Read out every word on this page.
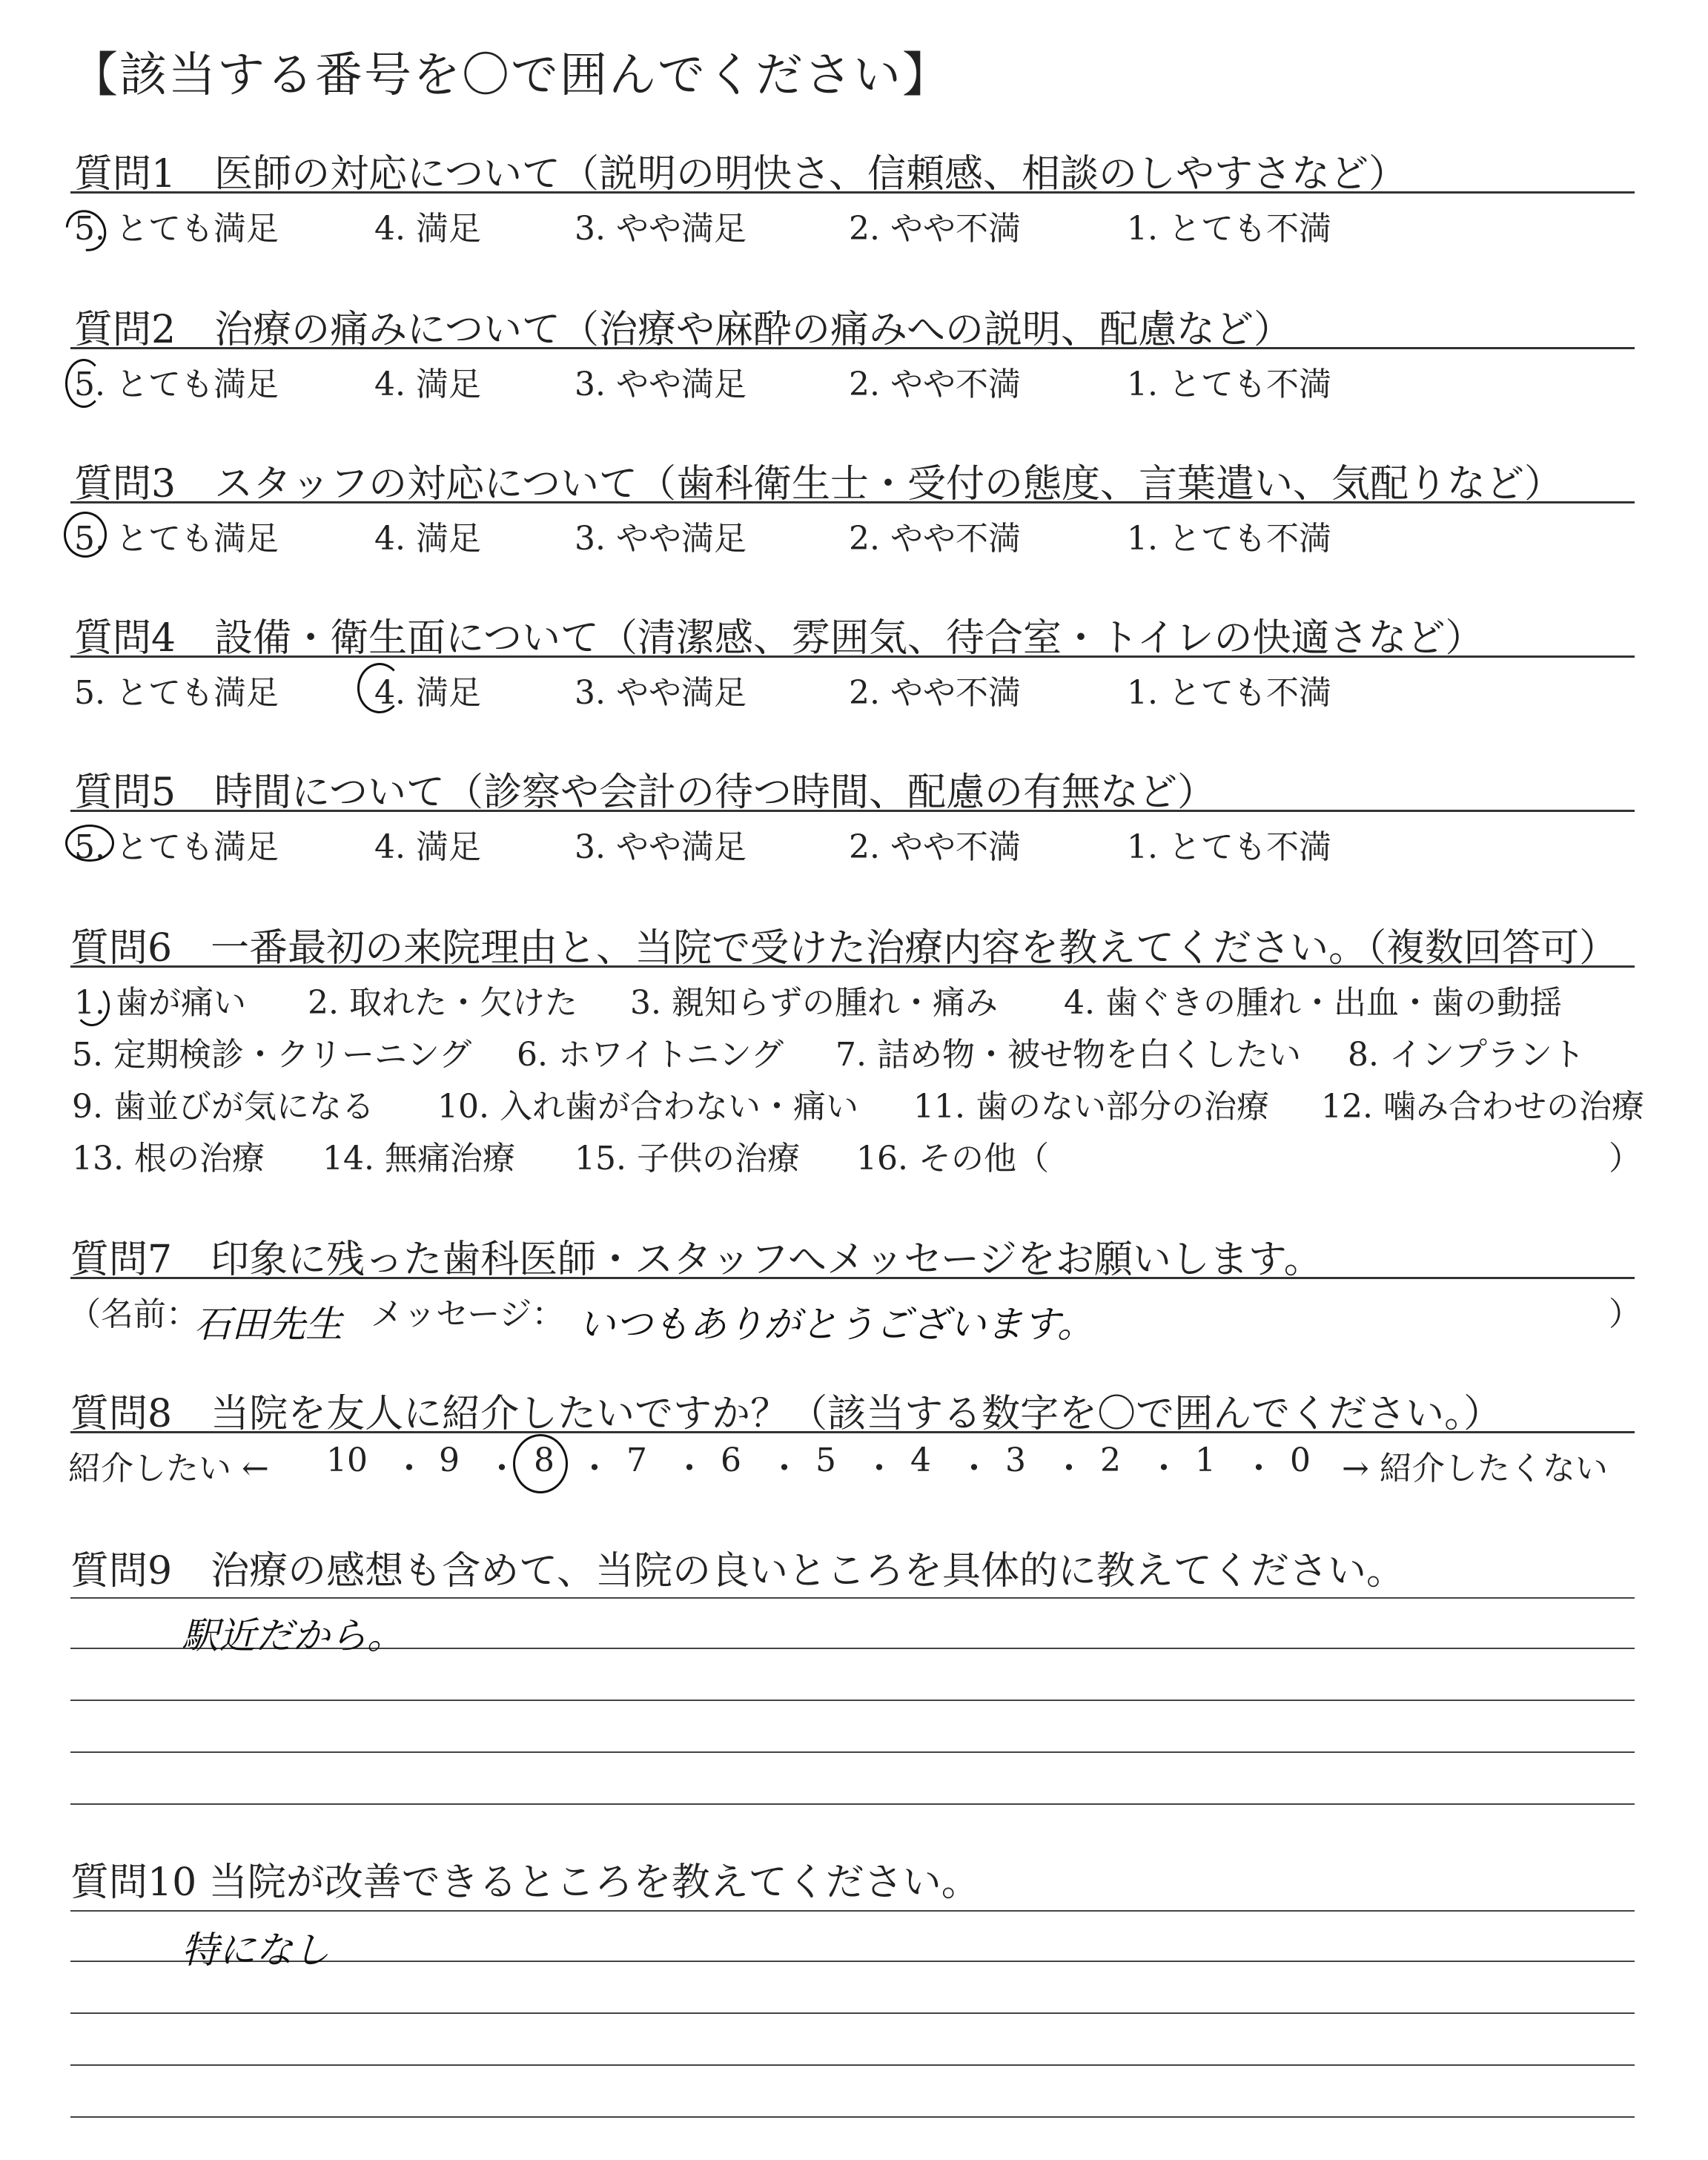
【該当する番号を〇で囲んでください】
質問1　医師の対応について（説明の明快さ、信頼感、相談のしやすさなど）
5. とても満足	4. 満足	3. やや満足	2. やや不満	1. とても不満
質問2　治療の痛みについて（治療や麻酔の痛みへの説明、配慮など）
5. とても満足	4. 満足	3. やや満足	2. やや不満	1. とても不満
質問3　スタッフの対応について（歯科衛生士・受付の態度、言葉遣い、気配りなど）
5. とても満足	4. 満足	3. やや満足	2. やや不満	1. とても不満
質問4　設備・衛生面について（清潔感、雰囲気、待合室・トイレの快適さなど）
5. とても満足	4. 満足	3. やや満足	2. やや不満	1. とても不満
質問5　時間について（診察や会計の待つ時間、配慮の有無など）
5. とても満足	4. 満足	3. やや満足	2. やや不満	1. とても不満
質問6　一番最初の来院理由と、当院で受けた治療内容を教えてください。（複数回答可）
1. 歯が痛い 2. 取れた・欠けた 3. 親知らずの腫れ・痛み 4. 歯ぐきの腫れ・出血・歯の動揺
5. 定期検診・クリーニング 6. ホワイトニング 7. 詰め物・被せ物を白くしたい 8. インプラント
9. 歯並びが気になる 10. 入れ歯が合わない・痛い 11. 歯のない部分の治療 12. 噛み合わせの治療
13. 根の治療 14. 無痛治療 15. 子供の治療 16. その他（	）
質問7　印象に残った歯科医師・スタッフへメッセージをお願いします。
（名前：
石田先生 メッセージ： いつもありがとうございます。	）
質問8　当院を友人に紹介したいですか？（該当する数字を〇で囲んでください。）
紹介したい ← 10 ・ 9 ・ 8 ・ 7 ・ 6 ・ 5 ・ 4 ・ 3 ・ 2 ・ 1 ・ 0 → 紹介したくない
質問9　治療の感想も含めて、当院の良いところを具体的に教えてください。
駅近だから。
質問10 当院が改善できるところを教えてください。
特になし
